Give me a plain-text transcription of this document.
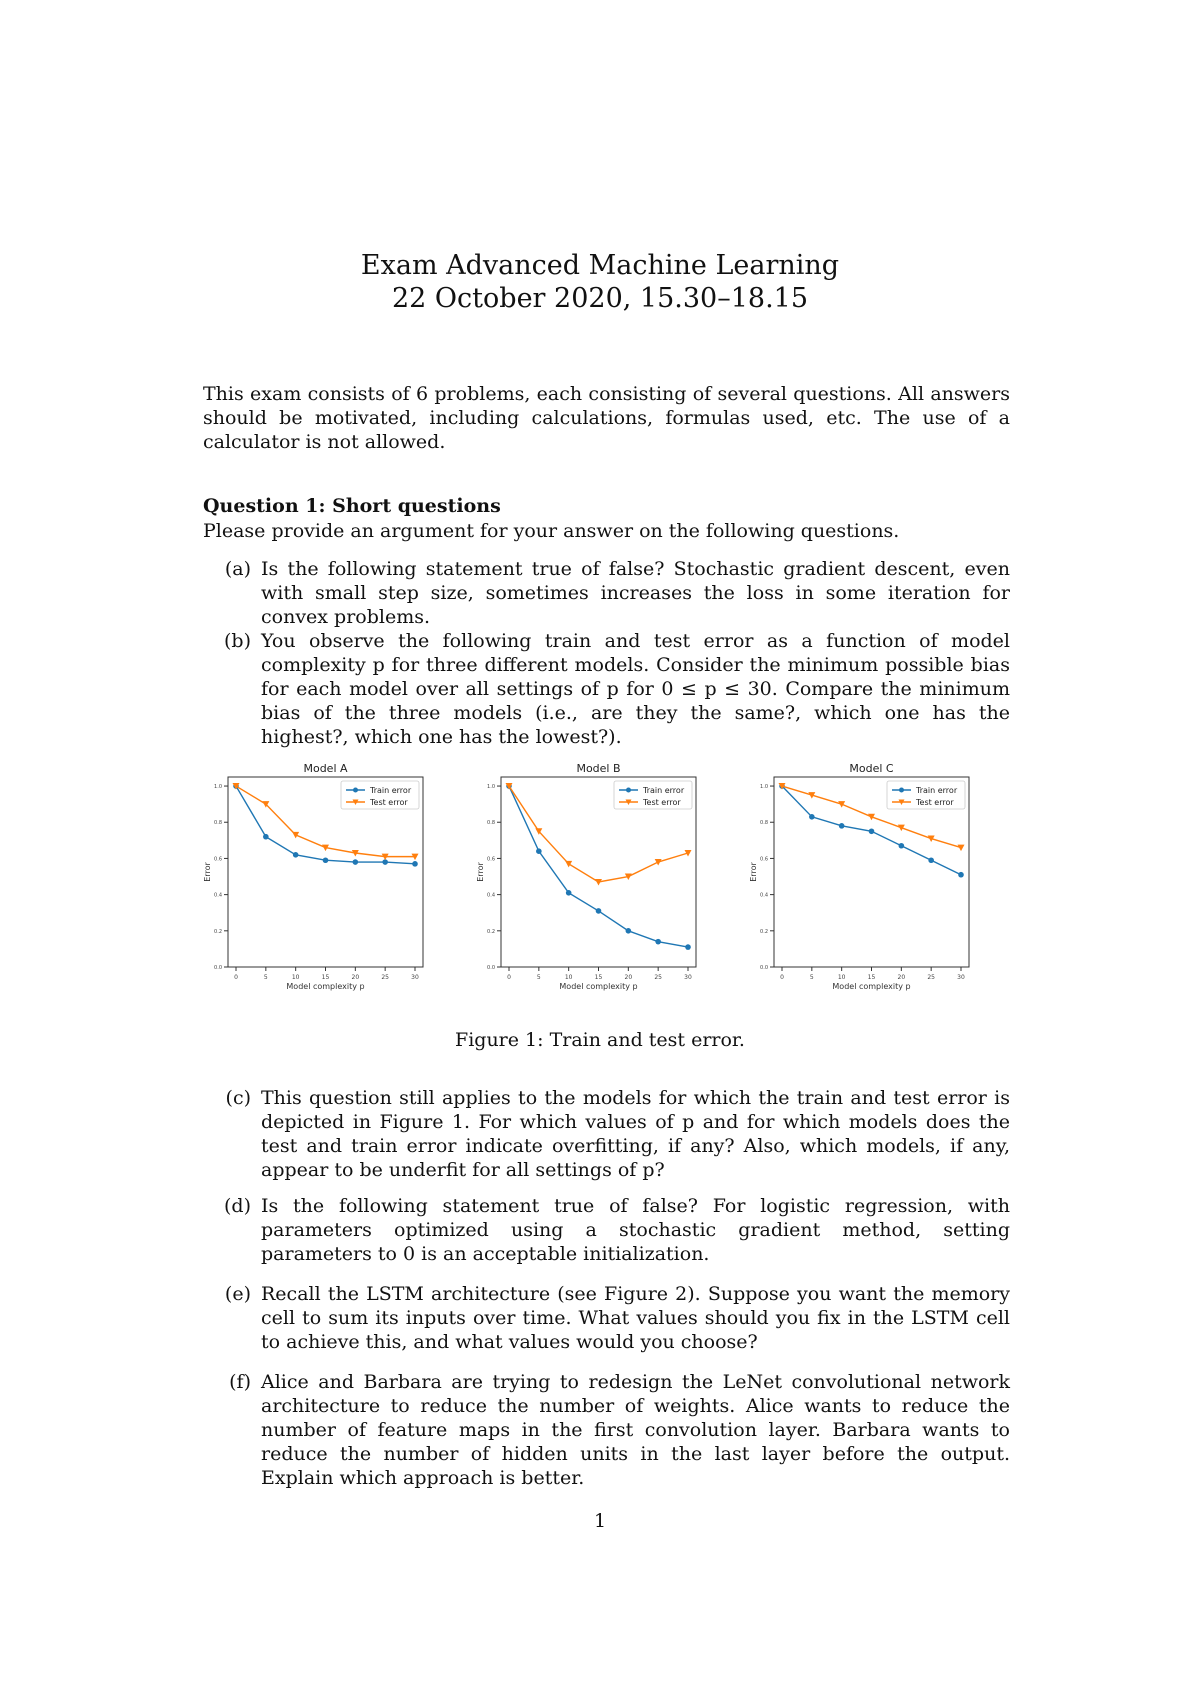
Exam Advanced Machine Learning
22 October 2020, 15.30–18.15

This exam consists of 6 problems, each consisting of several questions. All answers should be motivated, including calculations, formulas used, etc. The use of a calculator is not allowed.

Question 1: Short questions

Please provide an argument for your answer on the following questions.

(a) Is the following statement true of false? Stochastic gradient descent, even with small step size, sometimes increases the loss in some iteration for convex problems.
(b) You observe the following train and test error as a function of model complexity p for three different models. Consider the minimum possible bias for each model over all settings of p for 0 ≤ p ≤ 30. Compare the minimum bias of the three models (i.e., are they the same?, which one has the highest?, which one has the lowest?).
Model A
0	5	10	15	20	25	30
0.0
0.2
0.4
0.6
0.8
1.0
Model complexity p
Error
Train error
Test error
Model B
0	5	10	15	20	25	30
0.0
0.2
0.4
0.6
0.8
1.0
Model complexity p
Error
Train error
Test error
Model C
0	5	10	15	20	25	30
0.0
0.2
0.4
0.6
0.8
1.0
Model complexity p
Error
Train error
Test error
Figure 1: Train and test error.
(c) This question still applies to the models for which the train and test error is depicted in Figure 1. For which values of p and for which models does the test and train error indicate overfitting, if any? Also, which models, if any, appear to be underfit for all settings of p?
(d) Is the following statement true of false? For logistic regression, with parameters optimized using a stochastic gradient method, setting parameters to 0 is an acceptable initialization.
(e) Recall the LSTM architecture (see Figure 2). Suppose you want the memory cell to sum its inputs over time. What values should you fix in the LSTM cell to achieve this, and what values would you choose?
(f) Alice and Barbara are trying to redesign the LeNet convolutional network architecture to reduce the number of weights. Alice wants to reduce the number of feature maps in the first convolution layer. Barbara wants to reduce the number of hidden units in the last layer before the output. Explain which approach is better.
1
